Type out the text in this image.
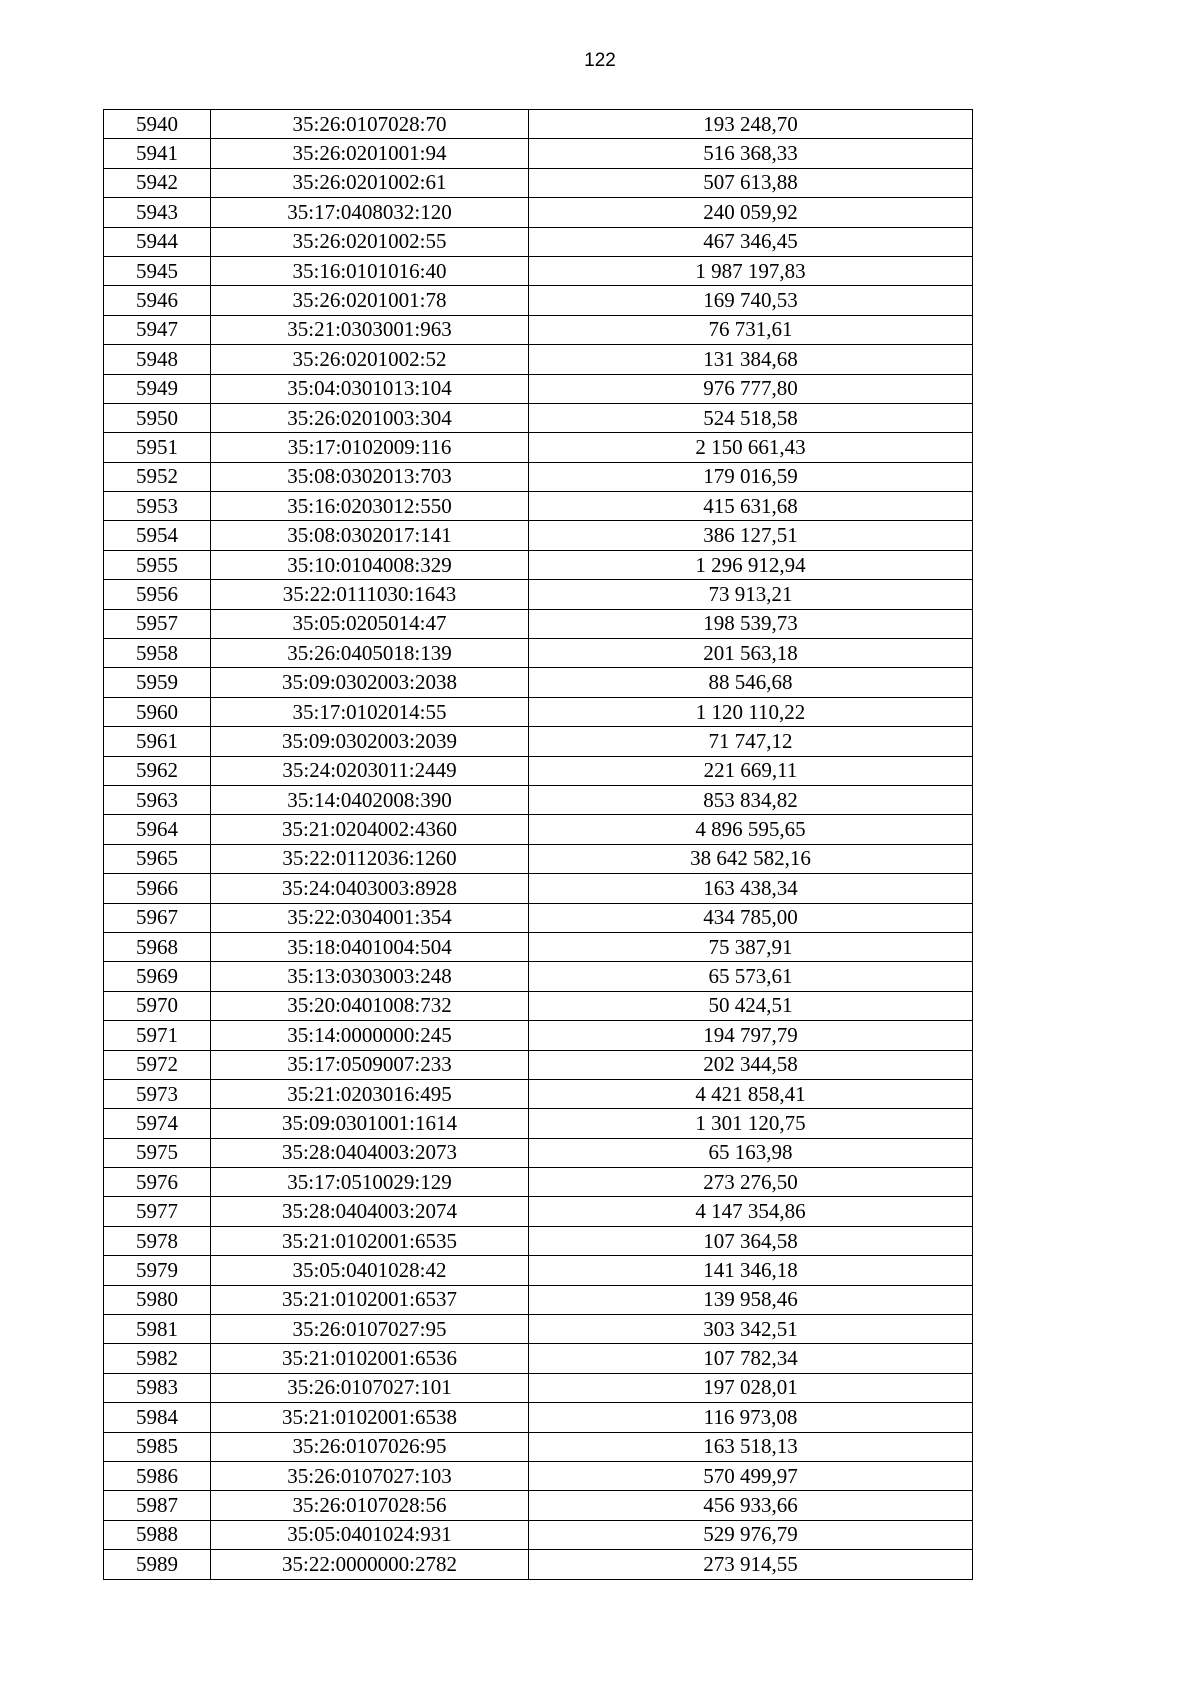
122
5940	35:26:0107028:70	193 248,70
5941	35:26:0201001:94	516 368,33
5942	35:26:0201002:61	507 613,88
5943	35:17:0408032:120	240 059,92
5944	35:26:0201002:55	467 346,45
5945	35:16:0101016:40	1 987 197,83
5946	35:26:0201001:78	169 740,53
5947	35:21:0303001:963	76 731,61
5948	35:26:0201002:52	131 384,68
5949	35:04:0301013:104	976 777,80
5950	35:26:0201003:304	524 518,58
5951	35:17:0102009:116	2 150 661,43
5952	35:08:0302013:703	179 016,59
5953	35:16:0203012:550	415 631,68
5954	35:08:0302017:141	386 127,51
5955	35:10:0104008:329	1 296 912,94
5956	35:22:0111030:1643	73 913,21
5957	35:05:0205014:47	198 539,73
5958	35:26:0405018:139	201 563,18
5959	35:09:0302003:2038	88 546,68
5960	35:17:0102014:55	1 120 110,22
5961	35:09:0302003:2039	71 747,12
5962	35:24:0203011:2449	221 669,11
5963	35:14:0402008:390	853 834,82
5964	35:21:0204002:4360	4 896 595,65
5965	35:22:0112036:1260	38 642 582,16
5966	35:24:0403003:8928	163 438,34
5967	35:22:0304001:354	434 785,00
5968	35:18:0401004:504	75 387,91
5969	35:13:0303003:248	65 573,61
5970	35:20:0401008:732	50 424,51
5971	35:14:0000000:245	194 797,79
5972	35:17:0509007:233	202 344,58
5973	35:21:0203016:495	4 421 858,41
5974	35:09:0301001:1614	1 301 120,75
5975	35:28:0404003:2073	65 163,98
5976	35:17:0510029:129	273 276,50
5977	35:28:0404003:2074	4 147 354,86
5978	35:21:0102001:6535	107 364,58
5979	35:05:0401028:42	141 346,18
5980	35:21:0102001:6537	139 958,46
5981	35:26:0107027:95	303 342,51
5982	35:21:0102001:6536	107 782,34
5983	35:26:0107027:101	197 028,01
5984	35:21:0102001:6538	116 973,08
5985	35:26:0107026:95	163 518,13
5986	35:26:0107027:103	570 499,97
5987	35:26:0107028:56	456 933,66
5988	35:05:0401024:931	529 976,79
5989	35:22:0000000:2782	273 914,55
